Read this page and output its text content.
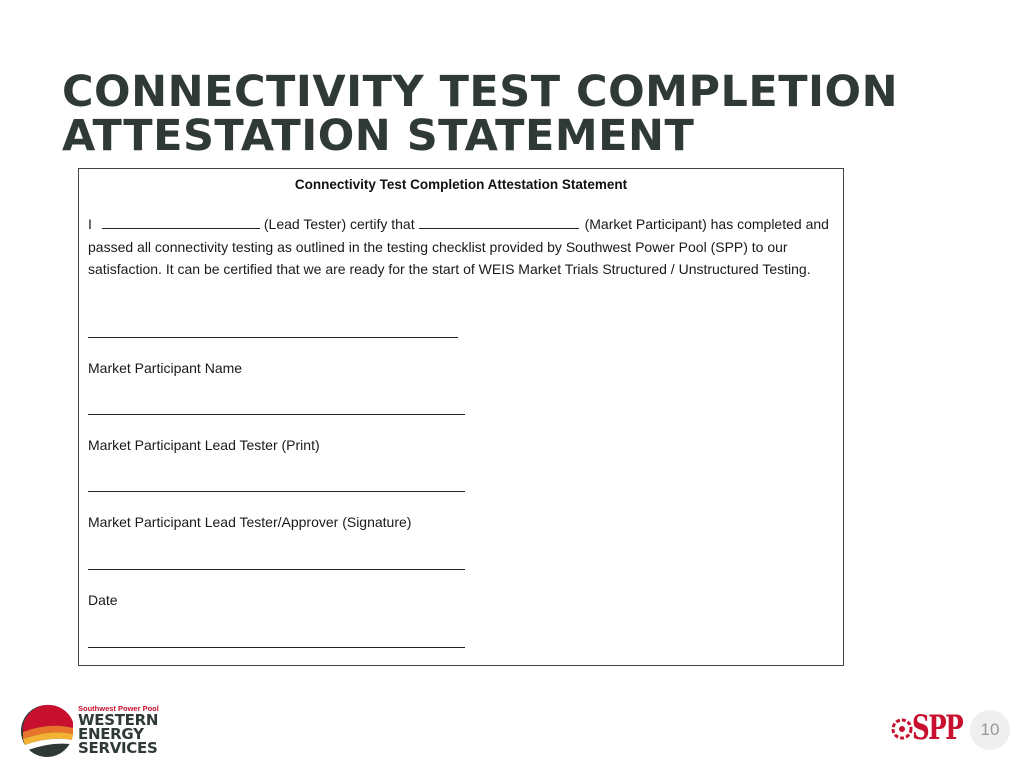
CONNECTIVITY TEST COMPLETION
ATTESTATION STATEMENT
Connectivity Test Completion Attestation Statement
I	(Lead Tester) certify that	(Market Participant) has completed and passed all connectivity testing as outlined in the testing checklist provided by Southwest Power Pool (SPP) to our satisfaction. It can be certified that we are ready for the start of WEIS Market Trials Structured / Unstructured Testing.
Market Participant Name
Market Participant Lead Tester (Print)
Market Participant Lead Tester/Approver (Signature)
Date
Southwest Power Pool
WESTERN
ENERGY
SERVICES	SPP	10
